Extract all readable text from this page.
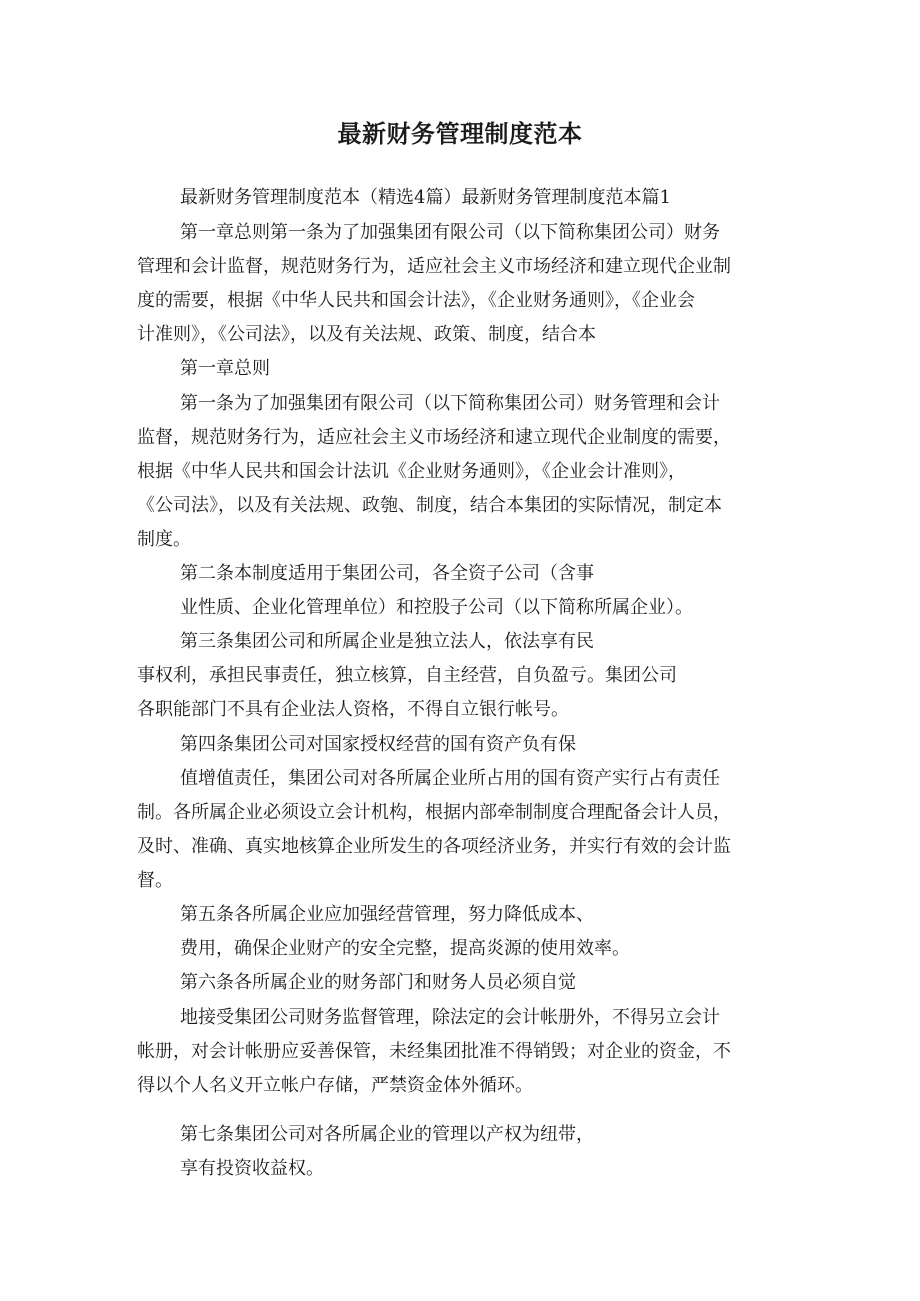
最新财务管理制度范本

最新财务管理制度范本（精选4篇）最新财务管理制度范本篇1

第一章总则第一条为了加强集团有限公司（以下简称集团公司）财务

管理和会计监督，规范财务行为，适应社会主义市场经济和建立现代企业制

度的需要，根据《中华人民共和国会计法》，《企业财务通则》，《企业会

计准则》，《公司法》，以及有关法规、政策、制度，结合本

第一章总则

第一条为了加强集团有限公司（以下简称集团公司）财务管理和会计

监督，规范财务行为，适应社会主义市场经济和逮立现代企业制度的需要，

根据《中华人民共和国会计法讥《企业财务通则》，《企业会计准则》，

《公司法》，以及有关法规、政匏、制度，结合本集团的实际情况，制定本

制度。

第二条本制度适用于集团公司，各全资子公司（含事

业性质、企业化管理单位）和控股子公司（以下简称所属企业）。

第三条集团公司和所属企业是独立法人，依法享有民

事权利，承担民事责任，独立核算，自主经营，自负盈亏。集团公司

各职能部门不具有企业法人资格，不得自立银行帐号。

第四条集团公司对国家授权经营的国有资产负有保

值增值责任，集团公司对各所属企业所占用的国有资产实行占有责任

制。各所属企业必须设立会计机构，根据内部牵制制度合理配备会计人员，

及时、准确、真实地核算企业所发生的各项经济业务，并实行有效的会计监

督。

第五条各所属企业应加强经营管理，努力降低成本、

费用，确保企业财产的安全完整，提高炎源的使用效率。

第六条各所属企业的财务部门和财务人员必须自觉

地接受集团公司财务监督管理，除法定的会计帐册外，不得另立会计

帐册，对会计帐册应妥善保管，未经集团批准不得销毁；对企业的资金，不

得以个人名义开立帐户存储，严禁资金体外循环。

第七条集团公司对各所属企业的管理以产权为纽带，

享有投资收益权。
